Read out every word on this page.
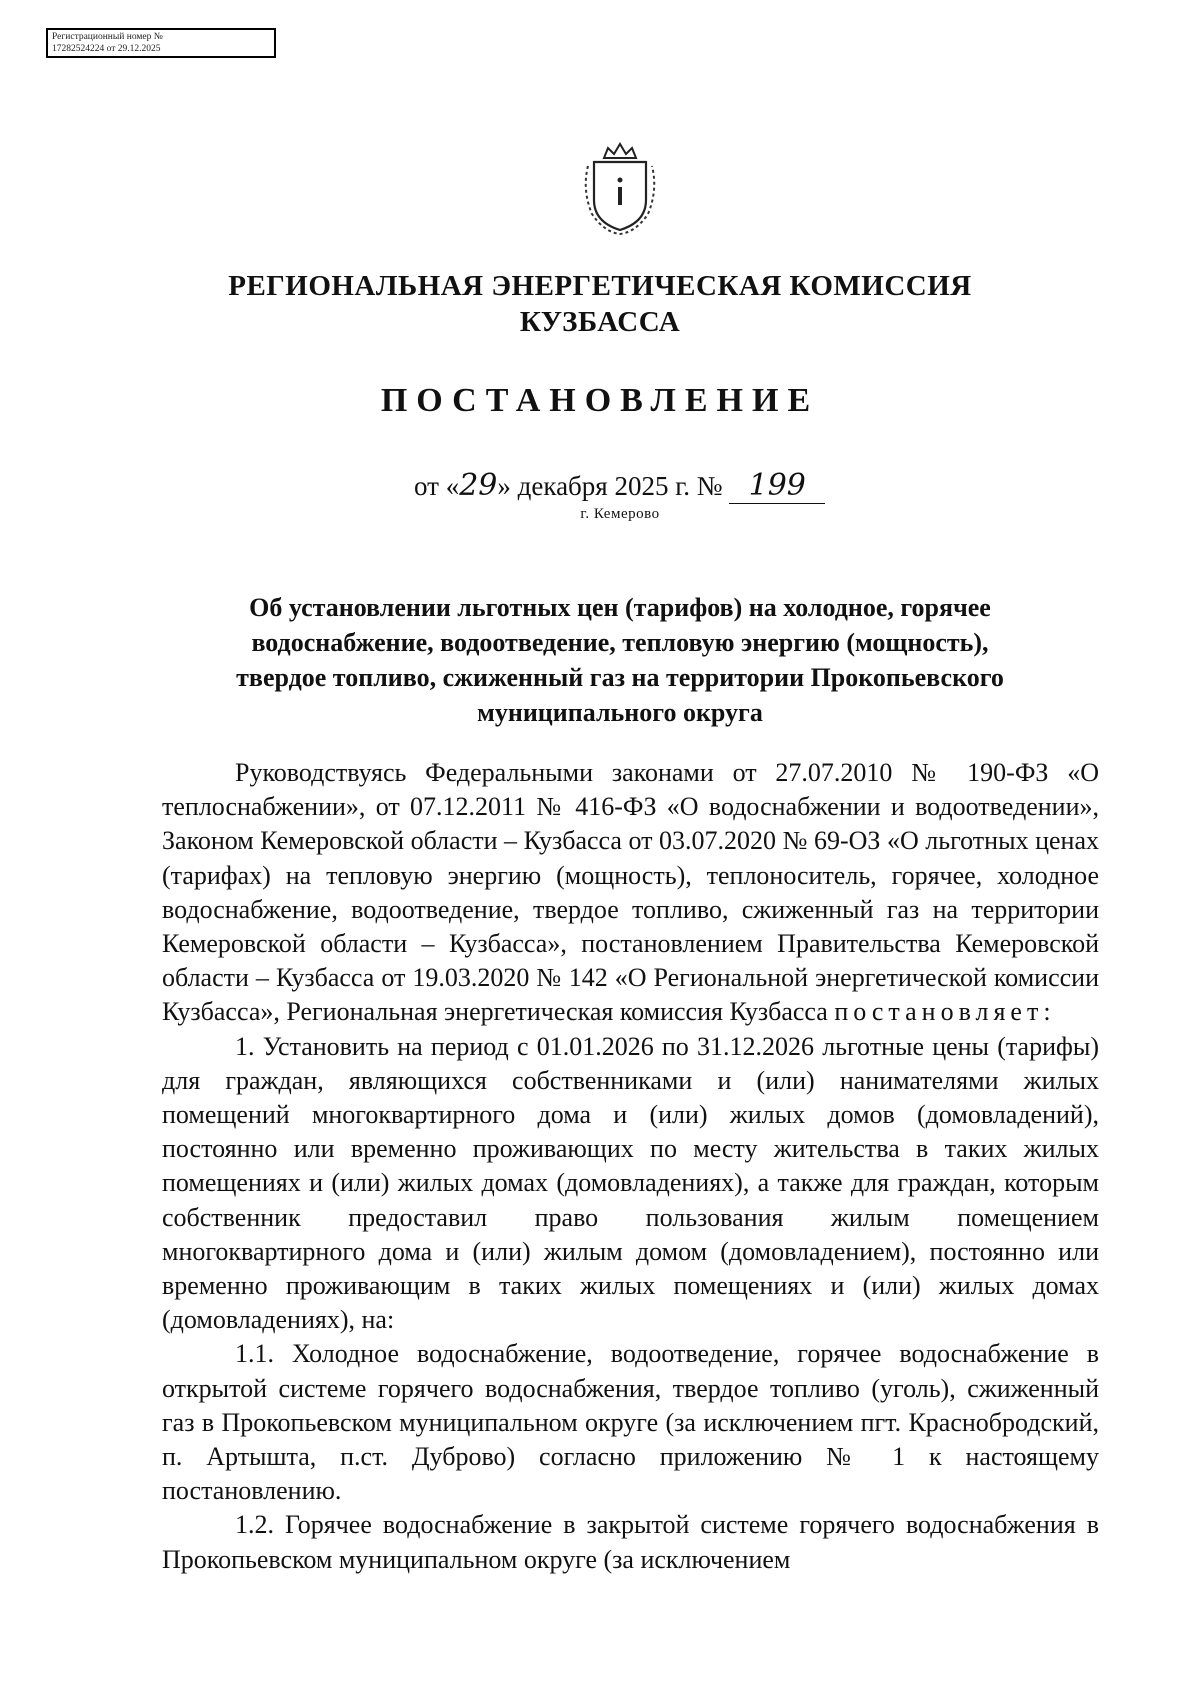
Регистрационный номер №
17282524224 от 29.12.2025
РЕГИОНАЛЬНАЯ ЭНЕРГЕТИЧЕСКАЯ КОМИССИЯ
КУЗБАССА
ПОСТАНОВЛЕНИЕ
от «29» декабря 2025 г. № 199
г. Кемерово
Об установлении льготных цен (тарифов) на холодное, горячее
водоснабжение, водоотведение, тепловую энергию (мощность),
твердое топливо, сжиженный газ на территории Прокопьевского
муниципального округа

Руководствуясь Федеральными законами от 27.07.2010 № 190-ФЗ «О теплоснабжении», от 07.12.2011 № 416-ФЗ «О водоснабжении и водоотведении», Законом Кемеровской области – Кузбасса от 03.07.2020 № 69-ОЗ «О льготных ценах (тарифах) на тепловую энергию (мощность), теплоноситель, горячее, холодное водоснабжение, водоотведение, твердое топливо, сжиженный газ на территории Кемеровской области – Кузбасса», постановлением Правительства Кемеровской области – Кузбасса от 19.03.2020 № 142 «О Региональной энергетической комиссии Кузбасса», Региональная энергетическая комиссия Кузбасса постановляет:

1. Установить на период с 01.01.2026 по 31.12.2026 льготные цены (тарифы) для граждан, являющихся собственниками и (или) нанимателями жилых помещений многоквартирного дома и (или) жилых домов (домовладений), постоянно или временно проживающих по месту жительства в таких жилых помещениях и (или) жилых домах (домовладениях), а также для граждан, которым собственник предоставил право пользования жилым помещением многоквартирного дома и (или) жилым домом (домовладением), постоянно или временно проживающим в таких жилых помещениях и (или) жилых домах (домовладениях), на:

1.1. Холодное водоснабжение, водоотведение, горячее водоснабжение в открытой системе горячего водоснабжения, твердое топливо (уголь), сжиженный газ в Прокопьевском муниципальном округе (за исключением пгт. Краснобродский, п. Артышта, п.ст. Дуброво) согласно приложению № 1 к настоящему постановлению.

1.2. Горячее водоснабжение в закрытой системе горячего водоснабжения в Прокопьевском муниципальном округе (за исключением
